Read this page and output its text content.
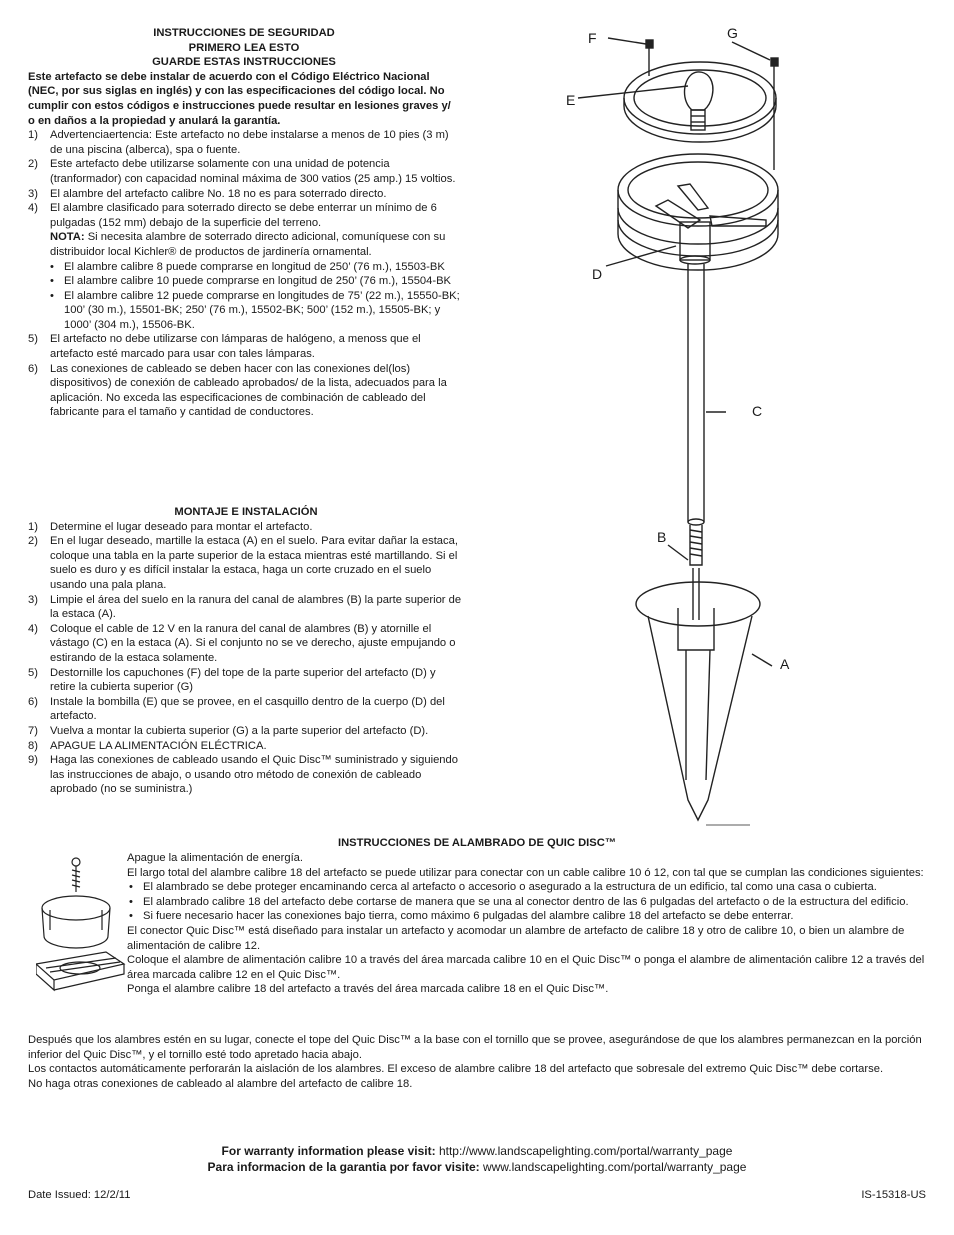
INSTRUCCIONES DE SEGURIDAD
PRIMERO LEA ESTO
GUARDE ESTAS INSTRUCCIONES
Este artefacto se debe instalar de acuerdo con el Código Eléctrico Nacional (NEC, por sus siglas en inglés) y con las especificaciones del código local. No cumplir con estos códigos e instrucciones puede resultar en lesiones graves y/ o en daños a la propiedad y anulará la garantía.
1) Advertenciaertencia: Este artefacto no debe instalarse a menos de 10 pies (3 m) de una piscina (alberca), spa o fuente.
2) Este artefacto debe utilizarse solamente con una unidad de potencia (tranformador) con capacidad nominal máxima de 300 vatios (25 amp.) 15 voltios.
3) El alambre del artefacto calibre No. 18 no es para soterrado directo.
4) El alambre clasificado para soterrado directo se debe enterrar un mínimo de 6 pulgadas (152 mm) debajo de la superficie del terreno.
NOTA: Si necesita alambre de soterrado directo adicional, comuníquese con su distribuidor local Kichler® de productos de jardinería ornamental.
• El alambre calibre 8 puede comprarse en longitud de 250’ (76 m.), 15503-BK
• El alambre calibre 10 puede comprarse en longitud de 250’ (76 m.), 15504-BK
• El alambre calibre 12 puede comprarse en longitudes de 75’ (22 m.), 15550-BK; 100’ (30 m.), 15501-BK; 250’ (76 m.), 15502-BK; 500’ (152 m.), 15505-BK; y 1000’ (304 m.), 15506-BK.
5) El artefacto no debe utilizarse con lámparas de halógeno, a menoss que el artefacto esté marcado para usar con tales lámparas.
6) Las conexiones de cableado se deben hacer con las conexiones del(los) dispositivos) de conexión de cableado aprobados/ de la lista, adecuados para la aplicación. No exceda las especificaciones de combinación de cableado del fabricante para el tamaño y cantidad de conductores.
MONTAJE E INSTALACIÓN
1) Determine el lugar deseado para montar el artefacto.
2) En el lugar deseado, martille la estaca (A) en el suelo. Para evitar dañar la estaca, coloque una tabla en la parte superior de la estaca mientras esté martillando. Si el suelo es duro y es difícil instalar la estaca, haga un corte cruzado en el suelo usando una pala plana.
3) Limpie el área del suelo en la ranura del canal de alambres (B) la parte superior de la estaca (A).
4) Coloque el cable de 12 V en la ranura del canal de alambres (B) y atornille el vástago (C) en la estaca (A). Si el conjunto no se ve derecho, ajuste empujando o estirando de la estaca solamente.
5) Destornille los capuchones (F) del tope de la parte superior del artefacto (D) y retire la cubierta superior (G)
6) Instale la bombilla (E) que se provee, en el casquillo dentro de la cuerpo (D) del artefacto.
7) Vuelva a montar la cubierta superior (G) a la parte superior del artefacto (D).
8) APAGUE LA ALIMENTACIÓN ELÉCTRICA.
9) Haga las conexiones de cableado usando el Quic Disc™ suministrado y siguiendo las instrucciones de abajo, o usando otro método de conexión de cableado aprobado (no se suministra.)
F	G
E
D
C
B
A
INSTRUCCIONES DE ALAMBRADO DE QUIC DISC™
Apague la alimentación de energía.
El largo total del alambre calibre 18 del artefacto se puede utilizar para conectar con un cable calibre 10 ó 12, con tal que se cumplan las condiciones siguientes:
• El alambrado se debe proteger encaminando cerca al artefacto o accesorio o asegurado a la estructura de un edificio, tal como una casa o cubierta.
• El alambrado calibre 18 del artefacto debe cortarse de manera que se una al conector dentro de las 6 pulgadas del artefacto o de la estructura del edificio.
• Si fuere necesario hacer las conexiones bajo tierra, como máximo 6 pulgadas del alambre calibre 18 del artefacto se debe enterrar.
El conector Quic Disc™ está diseñado para instalar un artefacto y acomodar un alambre de artefacto de calibre 18 y otro de calibre 10, o bien un alambre de alimentación de calibre 12.
Coloque el alambre de alimentación calibre 10 a través del área marcada calibre 10 en el Quic Disc™ o ponga el alambre de alimentación calibre 12 a través del área marcada calibre 12 en el Quic Disc™.
Ponga el alambre calibre 18 del artefacto a través del área marcada calibre 18 en el Quic Disc™.
Después que los alambres estén en su lugar, conecte el tope del Quic Disc™ a la base con el tornillo que se provee, asegurándose de que los alambres permanezcan en la porción inferior del Quic Disc™, y el tornillo esté todo apretado hacia abajo.
Los contactos automáticamente perforarán la aislación de los alambres. El exceso de alambre calibre 18 del artefacto que sobresale del extremo Quic Disc™ debe cortarse.
No haga otras conexiones de cableado al alambre del artefacto de calibre 18.
For warranty information please visit: http://www.landscapelighting.com/portal/warranty_page
Para informacion de la garantia por favor visite: www.landscapelighting.com/portal/warranty_page
Date Issued: 12/2/11	IS-15318-US
